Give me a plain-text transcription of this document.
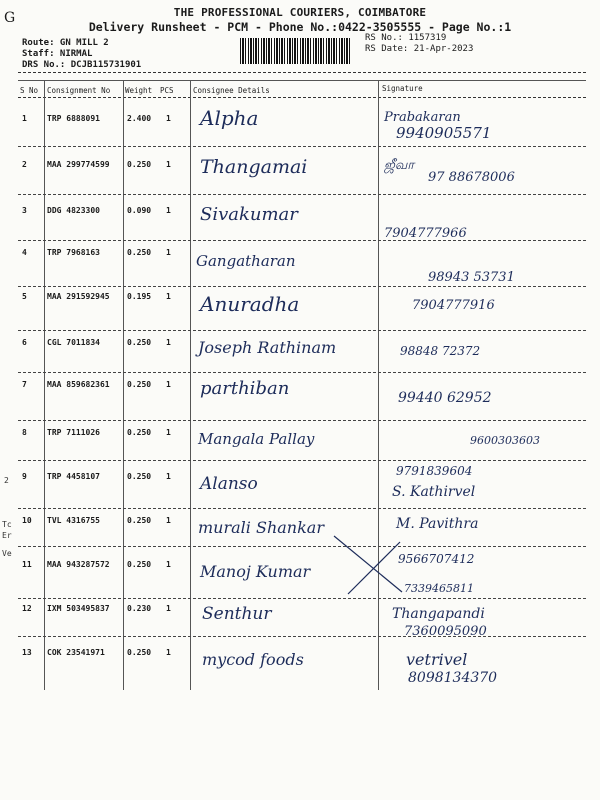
G	THE PROFESSIONAL COURIERS, COIMBATORE
Delivery Runsheet - PCM - Phone No.:0422-3505555 - Page No.:1
Route: GN MILL 2
Staff: NIRMAL
DRS No.: DCJB115731901
RS No.: 1157319
RS Date: 21-Apr-2023
S No Consignment No Weight PCS	Consignee Details	Signature
1	TRP 6888091	2.400 1 Alpha	Prabakaran
9940905571
2	MAA 299774599 0.250 1 Thangamai	ஜீவா
97 88678006
3	DDG 4823300	0.090 1 Sivakumar
7904777966
4	TRP 7968163	0.250 1 Gangatharan
98943 53731
5	MAA 291592945 0.195 1 Anuradha	7904777916
6	CGL 7011834	0.250 1 Joseph Rathinam	98848 72372
7	MAA 859682361 0.250 1 parthiban	99440 62952
8	TRP 7111026	0.250 1 Mangala Pallay	9600303603
9	TRP 4458107	0.250 1 Alanso
9791839604
S. Kathirvel
10 TVL 4316755	0.250 1 murali Shankar	M. Pavithra
11 MAA 943287572 0.250 1 Manoj Kumar
9566707412
7339465811
12 IXM 503495837 0.230 1 Senthur	Thangapandi
7360095090
13 COK 23541971	0.250 1 mycod foods	vetrivel
8098134370
Tc
Er
Ve
2
